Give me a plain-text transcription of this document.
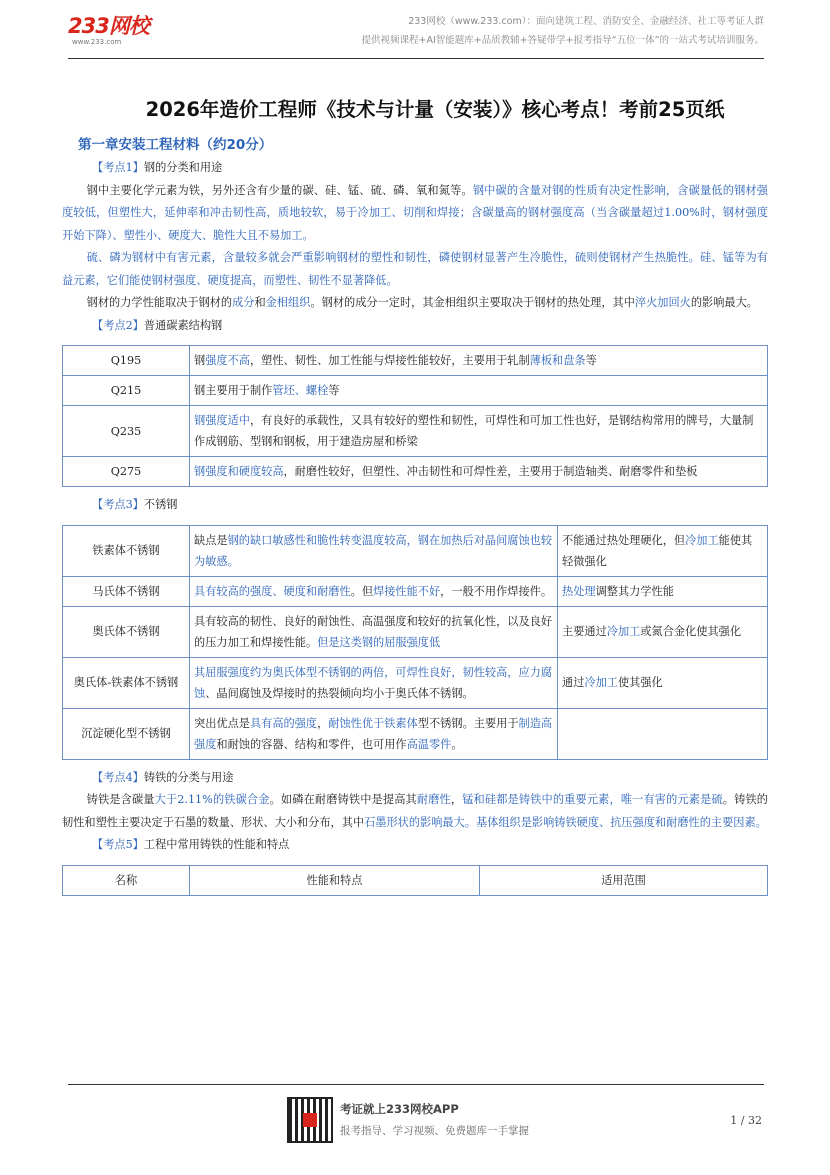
233网校
www.233.com
233网校（www.233.com）：面向建筑工程、消防安全、金融经济、社工等考证人群
提供视频课程+AI智能题库+品质教辅+答疑带学+报考指导“五位一体”的一站式考试培训服务。
2026年造价工程师《技术与计量（安装）》核心考点！考前25页纸
第一章安装工程材料（约20分）
【考点1】钢的分类和用途
钢中主要化学元素为铁，另外还含有少量的碳、硅、锰、硫、磷、氧和氮等。钢中碳的含量对钢的性质有决定性影响，含碳量低的钢材强度较低，但塑性大，延伸率和冲击韧性高，质地较软，易于冷加工、切削和焊接；含碳量高的钢材强度高（当含碳量超过1.00%时，钢材强度开始下降）、塑性小、硬度大、脆性大且不易加工。
硫、磷为钢材中有害元素，含量较多就会严重影响钢材的塑性和韧性，磷使钢材显著产生冷脆性，硫则使钢材产生热脆性。硅、锰等为有益元素，它们能使钢材强度、硬度提高，而塑性、韧性不显著降低。
钢材的力学性能取决于钢材的成分和金相组织。钢材的成分一定时，其金相组织主要取决于钢材的热处理，其中淬火加回火的影响最大。
【考点2】普通碳素结构钢
Q195	钢强度不高，塑性、韧性、加工性能与焊接性能较好，主要用于轧制薄板和盘条等
Q215	钢主要用于制作管坯、螺栓等
Q235	钢强度适中，有良好的承载性，又具有较好的塑性和韧性，可焊性和可加工性也好，是钢结构常用的牌号，大量制作成钢筋、型钢和钢板，用于建造房屋和桥梁
Q275	钢强度和硬度较高，耐磨性较好，但塑性、冲击韧性和可焊性差，主要用于制造轴类、耐磨零件和垫板
【考点3】不锈钢
铁素体不锈钢	缺点是钢的缺口敏感性和脆性转变温度较高，钢在加热后对晶间腐蚀也较为敏感。	不能通过热处理硬化，但冷加工能使其轻微强化
马氏体不锈钢	具有较高的强度、硬度和耐磨性。但焊接性能不好，一般不用作焊接件。	热处理调整其力学性能
奥氏体不锈钢	具有较高的韧性、良好的耐蚀性、高温强度和较好的抗氧化性，以及良好的压力加工和焊接性能。但是这类钢的屈服强度低	主要通过冷加工或氮合金化使其强化
奥氏体-铁素体不锈钢	其屈服强度约为奥氏体型不锈钢的两倍，可焊性良好，韧性较高，应力腐蚀、晶间腐蚀及焊接时的热裂倾向均小于奥氏体不锈钢。	通过冷加工使其强化
沉淀硬化型不锈钢	突出优点是具有高的强度，耐蚀性优于铁素体型不锈钢。主要用于制造高强度和耐蚀的容器、结构和零件，也可用作高温零件。	
【考点4】铸铁的分类与用途
铸铁是含碳量大于2.11%的铁碳合金。如磷在耐磨铸铁中是提高其耐磨性，锰和硅都是铸铁中的重要元素，唯一有害的元素是硫。铸铁的韧性和塑性主要决定于石墨的数量、形状、大小和分布，其中石墨形状的影响最大。基体组织是影响铸铁硬度、抗压强度和耐磨性的主要因素。
【考点5】工程中常用铸铁的性能和特点
名称	性能和特点	适用范围
考证就上233网校APP
报考指导、学习视频、免费题库一手掌握
1 / 32
